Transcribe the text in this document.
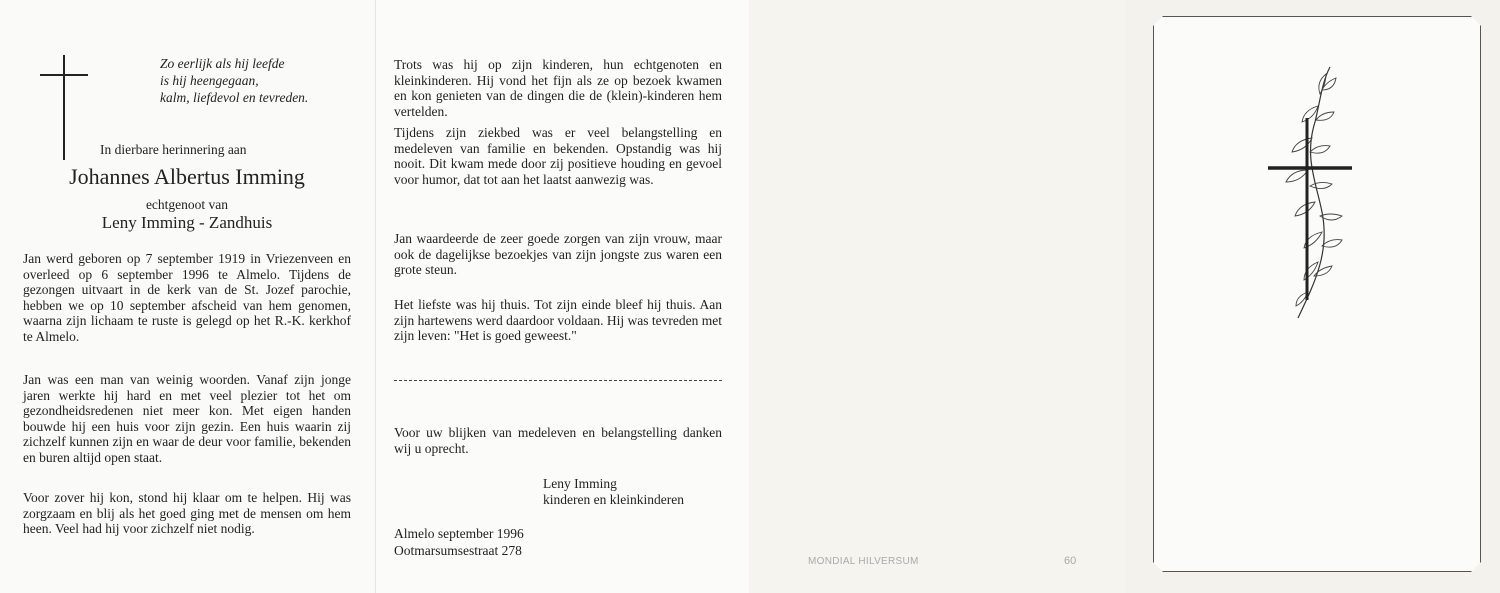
Zo eerlijk als hij leefde
is hij heengegaan,
kalm, liefdevol en tevreden.
In dierbare herinnering aan
Johannes Albertus Imming
echtgenoot van
Leny Imming - Zandhuis
Jan werd geboren op 7 september 1919 in Vriezenveen en overleed op 6 september 1996 te Almelo. Tijdens de gezongen uitvaart in de kerk van de St. Jozef parochie, hebben we op 10 september afscheid van hem genomen, waarna zijn lichaam te ruste is gelegd op het R.-K. kerkhof te Almelo.
Jan was een man van weinig woorden. Vanaf zijn jonge jaren werkte hij hard en met veel plezier tot het om gezondheidsredenen niet meer kon. Met eigen handen bouwde hij een huis voor zijn gezin. Een huis waarin zij zichzelf kunnen zijn en waar de deur voor familie, bekenden en buren altijd open staat.
Voor zover hij kon, stond hij klaar om te helpen. Hij was zorgzaam en blij als het goed ging met de mensen om hem heen. Veel had hij voor zichzelf niet nodig.
Trots was hij op zijn kinderen, hun echtgenoten en kleinkinderen. Hij vond het fijn als ze op bezoek kwamen en kon genieten van de dingen die de (klein)-kinderen hem vertelden.
Tijdens zijn ziekbed was er veel belangstelling en medeleven van familie en bekenden. Opstandig was hij nooit. Dit kwam mede door zij positieve houding en gevoel voor humor, dat tot aan het laatst aanwezig was.
Jan waardeerde de zeer goede zorgen van zijn vrouw, maar ook de dagelijkse bezoekjes van zijn jongste zus waren een grote steun.
Het liefste was hij thuis. Tot zijn einde bleef hij thuis. Aan zijn hartewens werd daardoor voldaan. Hij was tevreden met zijn leven: "Het is goed geweest."
Voor uw blijken van medeleven en belangstelling danken wij u oprecht.
Leny Imming
kinderen en kleinkinderen
Almelo september 1996
Ootmarsumsestraat 278
MONDIAL HILVERSUM	60
